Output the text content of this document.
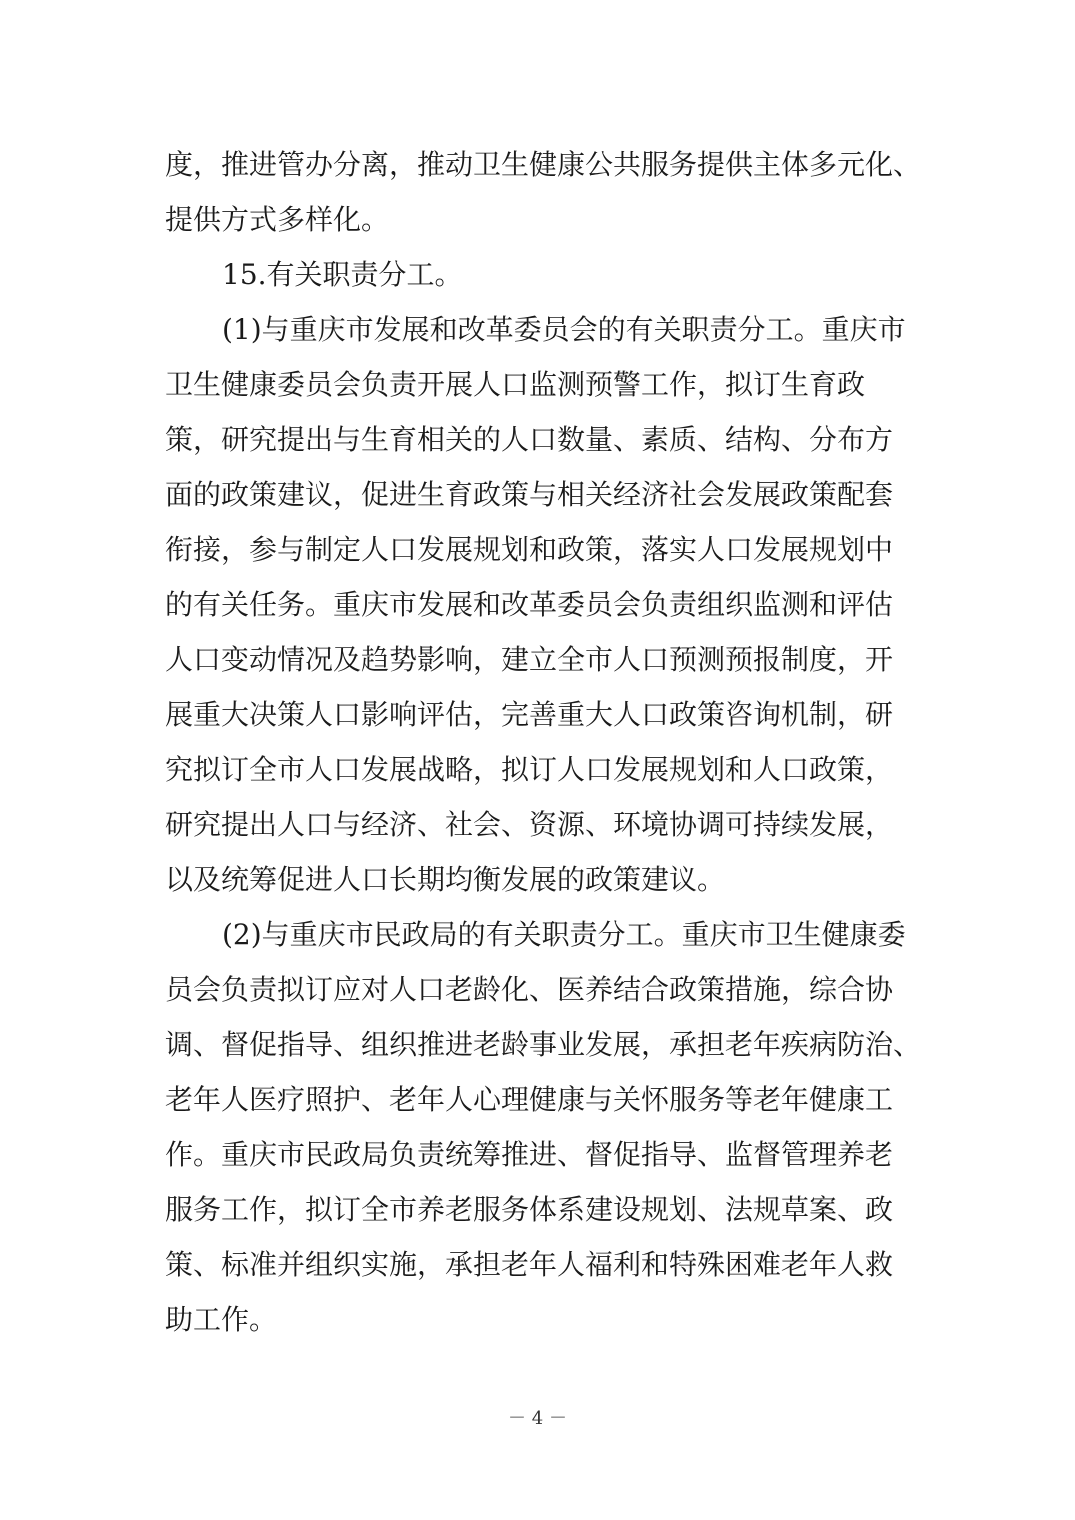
度，推进管办分离，推动卫生健康公共服务提供主体多元化、
提供方式多样化。
15.有关职责分工。
(1)与重庆市发展和改革委员会的有关职责分工。重庆市
卫生健康委员会负责开展人口监测预警工作，拟订生育政
策，研究提出与生育相关的人口数量、素质、结构、分布方
面的政策建议，促进生育政策与相关经济社会发展政策配套
衔接，参与制定人口发展规划和政策，落实人口发展规划中
的有关任务。重庆市发展和改革委员会负责组织监测和评估
人口变动情况及趋势影响，建立全市人口预测预报制度，开
展重大决策人口影响评估，完善重大人口政策咨询机制，研
究拟订全市人口发展战略，拟订人口发展规划和人口政策，
研究提出人口与经济、社会、资源、环境协调可持续发展，
以及统筹促进人口长期均衡发展的政策建议。
(2)与重庆市民政局的有关职责分工。重庆市卫生健康委
员会负责拟订应对人口老龄化、医养结合政策措施，综合协
调、督促指导、组织推进老龄事业发展，承担老年疾病防治、
老年人医疗照护、老年人心理健康与关怀服务等老年健康工
作。重庆市民政局负责统筹推进、督促指导、监督管理养老
服务工作，拟订全市养老服务体系建设规划、法规草案、政
策、标准并组织实施，承担老年人福利和特殊困难老年人救
助工作。
－ 4 －
